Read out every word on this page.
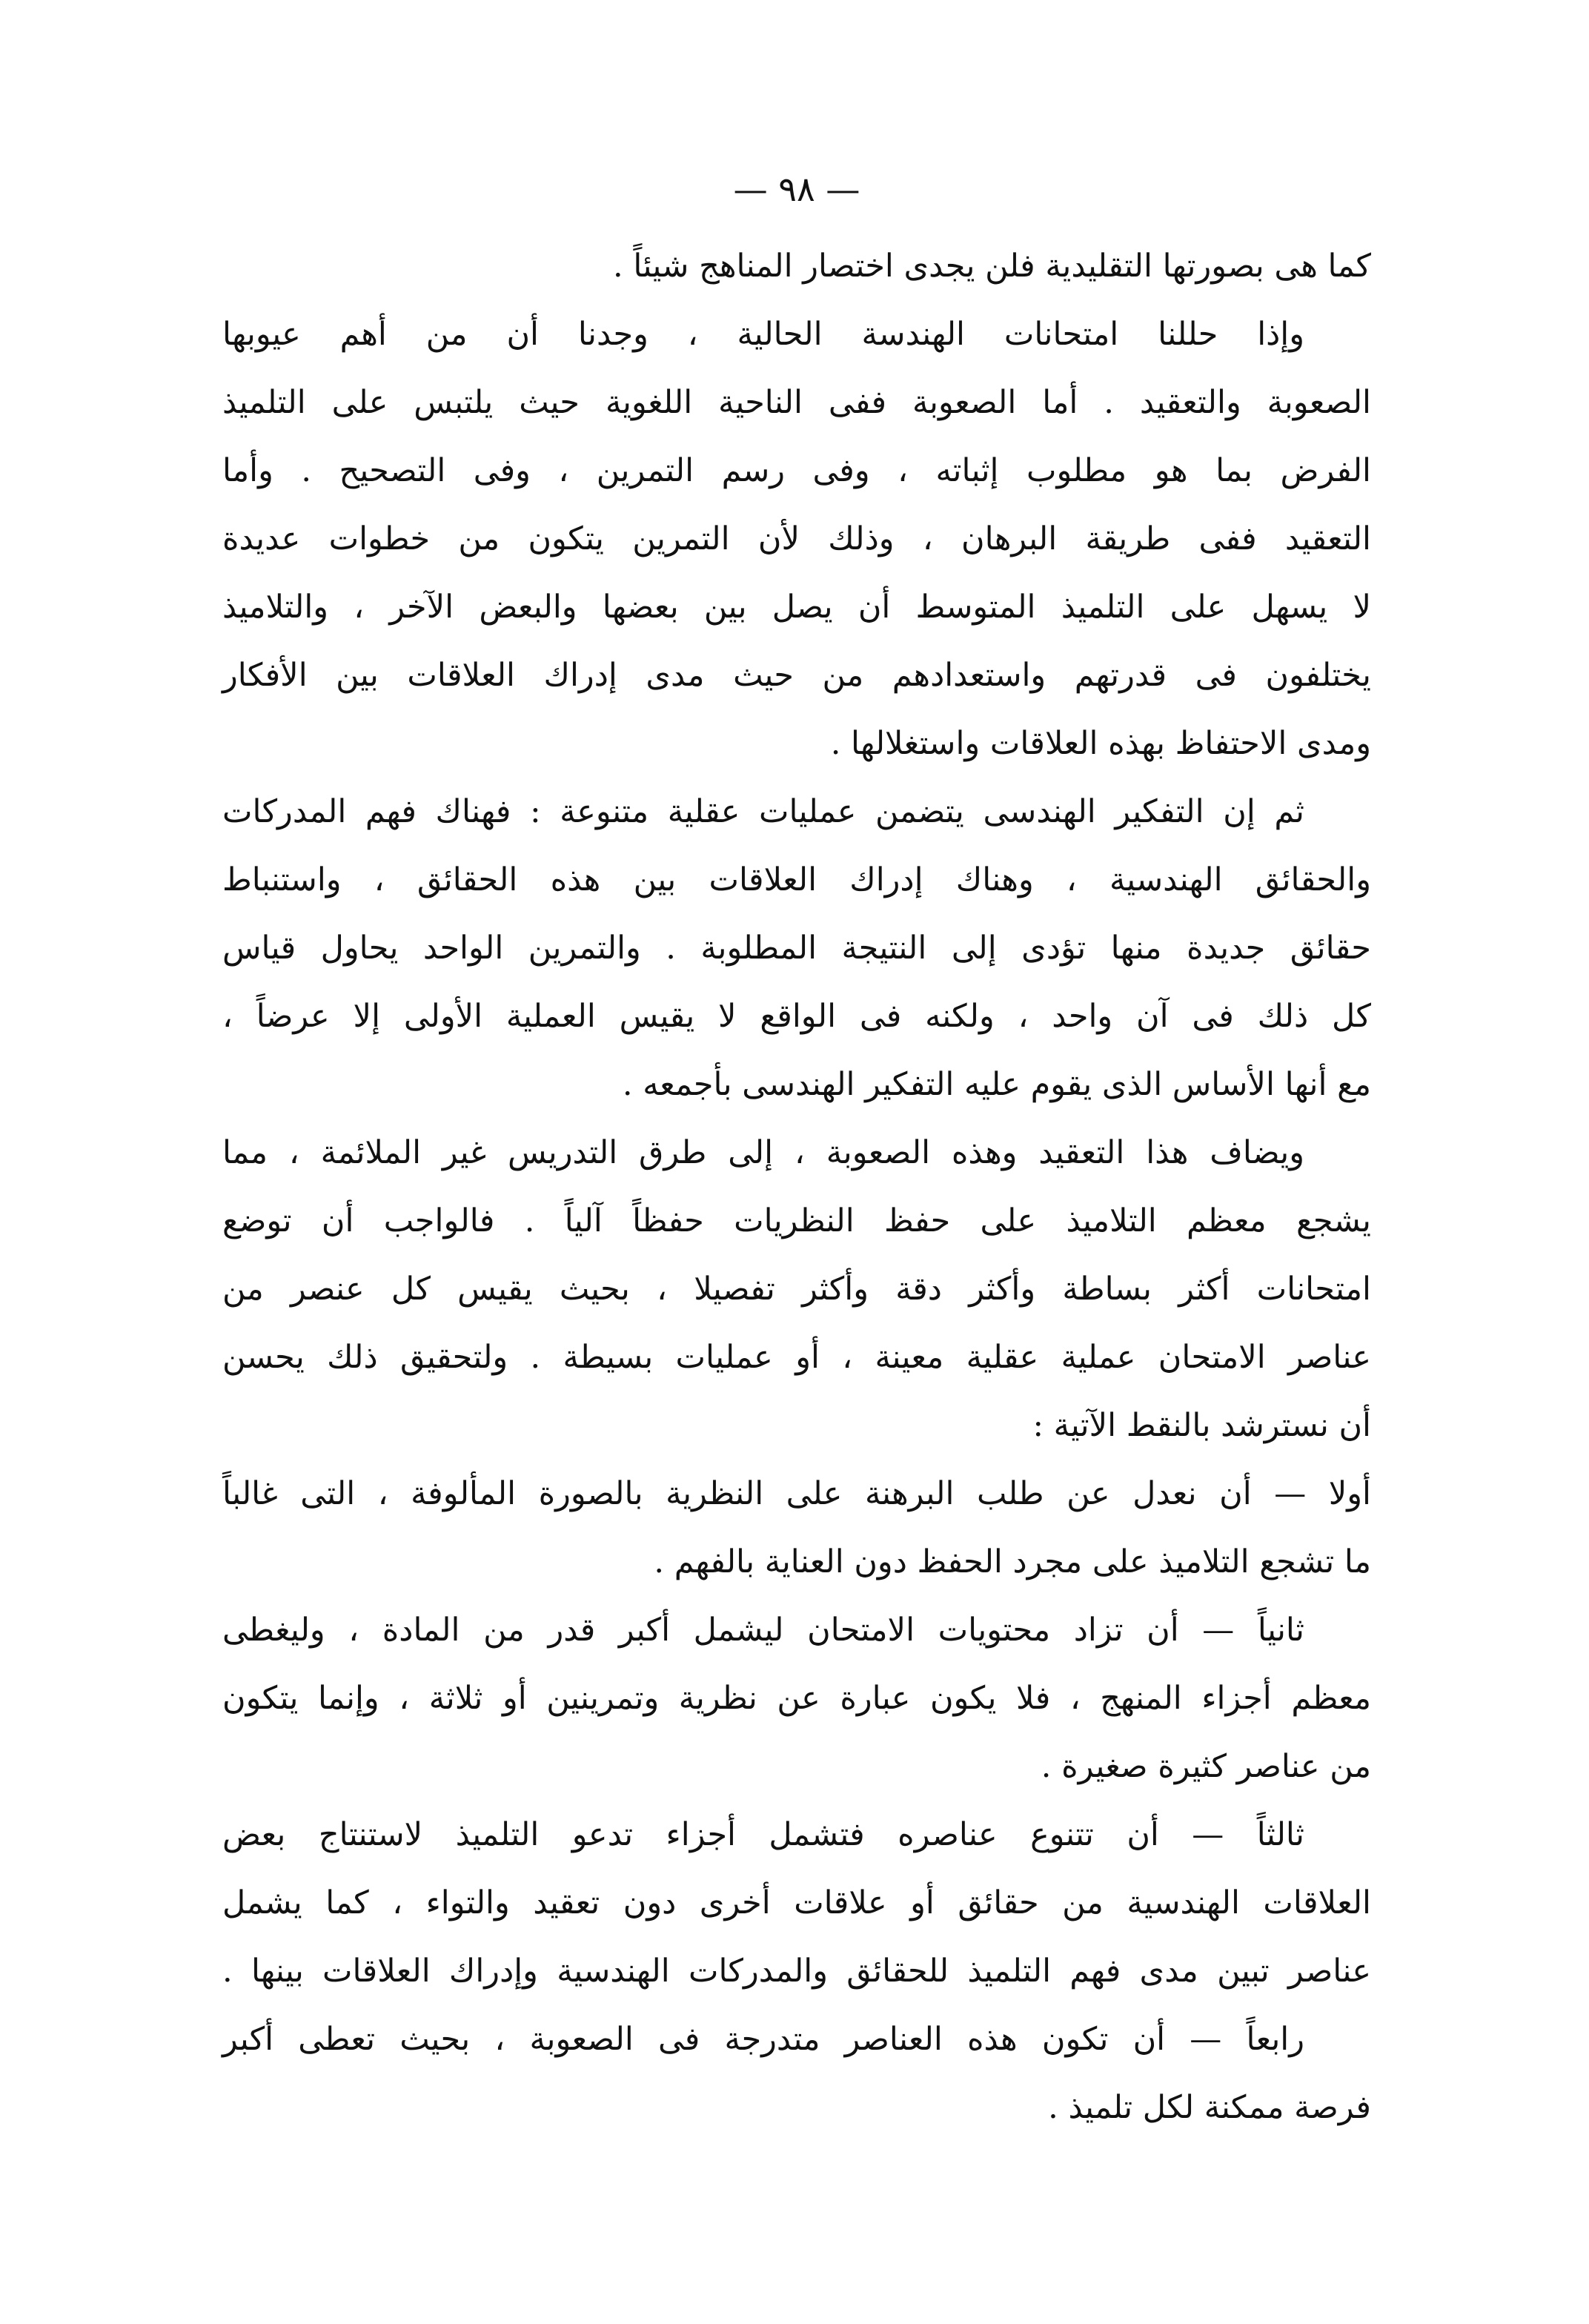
— ٩٨ —
كما هى بصورتها التقليدية فلن يجدى اختصار المناهج شيئاً .
وإذا حللنا امتحانات الهندسة الحالية ، وجدنا أن من أهم عيوبها
الصعوبة والتعقيد . أما الصعوبة ففى الناحية اللغوية حيث يلتبس على التلميذ
الفرض بما هو مطلوب إثباته ، وفى رسم التمرين ، وفى التصحيح . وأما
التعقيد ففى طريقة البرهان ، وذلك لأن التمرين يتكون من خطوات عديدة
لا يسهل على التلميذ المتوسط أن يصل بين بعضها والبعض الآخر ، والتلاميذ
يختلفون فى قدرتهم واستعدادهم من حيث مدى إدراك العلاقات بين الأفكار
ومدى الاحتفاظ بهذه العلاقات واستغلالها .
ثم إن التفكير الهندسى يتضمن عمليات عقلية متنوعة : فهناك فهم المدركات
والحقائق الهندسية ، وهناك إدراك العلاقات بين هذه الحقائق ، واستنباط
حقائق جديدة منها تؤدى إلى النتيجة المطلوبة . والتمرين الواحد يحاول قياس
كل ذلك فى آن واحد ، ولكنه فى الواقع لا يقيس العملية الأولى إلا عرضاً ،
مع أنها الأساس الذى يقوم عليه التفكير الهندسى بأجمعه .
ويضاف هذا التعقيد وهذه الصعوبة ، إلى طرق التدريس غير الملائمة ، مما
يشجع معظم التلاميذ على حفظ النظريات حفظاً آلياً . فالواجب أن توضع
امتحانات أكثر بساطة وأكثر دقة وأكثر تفصيلا ، بحيث يقيس كل عنصر من
عناصر الامتحان عملية عقلية معينة ، أو عمليات بسيطة . ولتحقيق ذلك يحسن
أن نسترشد بالنقط الآتية :
أولا — أن نعدل عن طلب البرهنة على النظرية بالصورة المألوفة ، التى غالباً
ما تشجع التلاميذ على مجرد الحفظ دون العناية بالفهم .
ثانياً — أن تزاد محتويات الامتحان ليشمل أكبر قدر من المادة ، وليغطى
معظم أجزاء المنهج ، فلا يكون عبارة عن نظرية وتمرينين أو ثلاثة ، وإنما يتكون
من عناصر كثيرة صغيرة .
ثالثاً — أن تتنوع عناصره فتشمل أجزاء تدعو التلميذ لاستنتاج بعض
العلاقات الهندسية من حقائق أو علاقات أخرى دون تعقيد والتواء ، كما يشمل
عناصر تبين مدى فهم التلميذ للحقائق والمدركات الهندسية وإدراك العلاقات بينها .
رابعاً — أن تكون هذه العناصر متدرجة فى الصعوبة ، بحيث تعطى أكبر
فرصة ممكنة لكل تلميذ .
